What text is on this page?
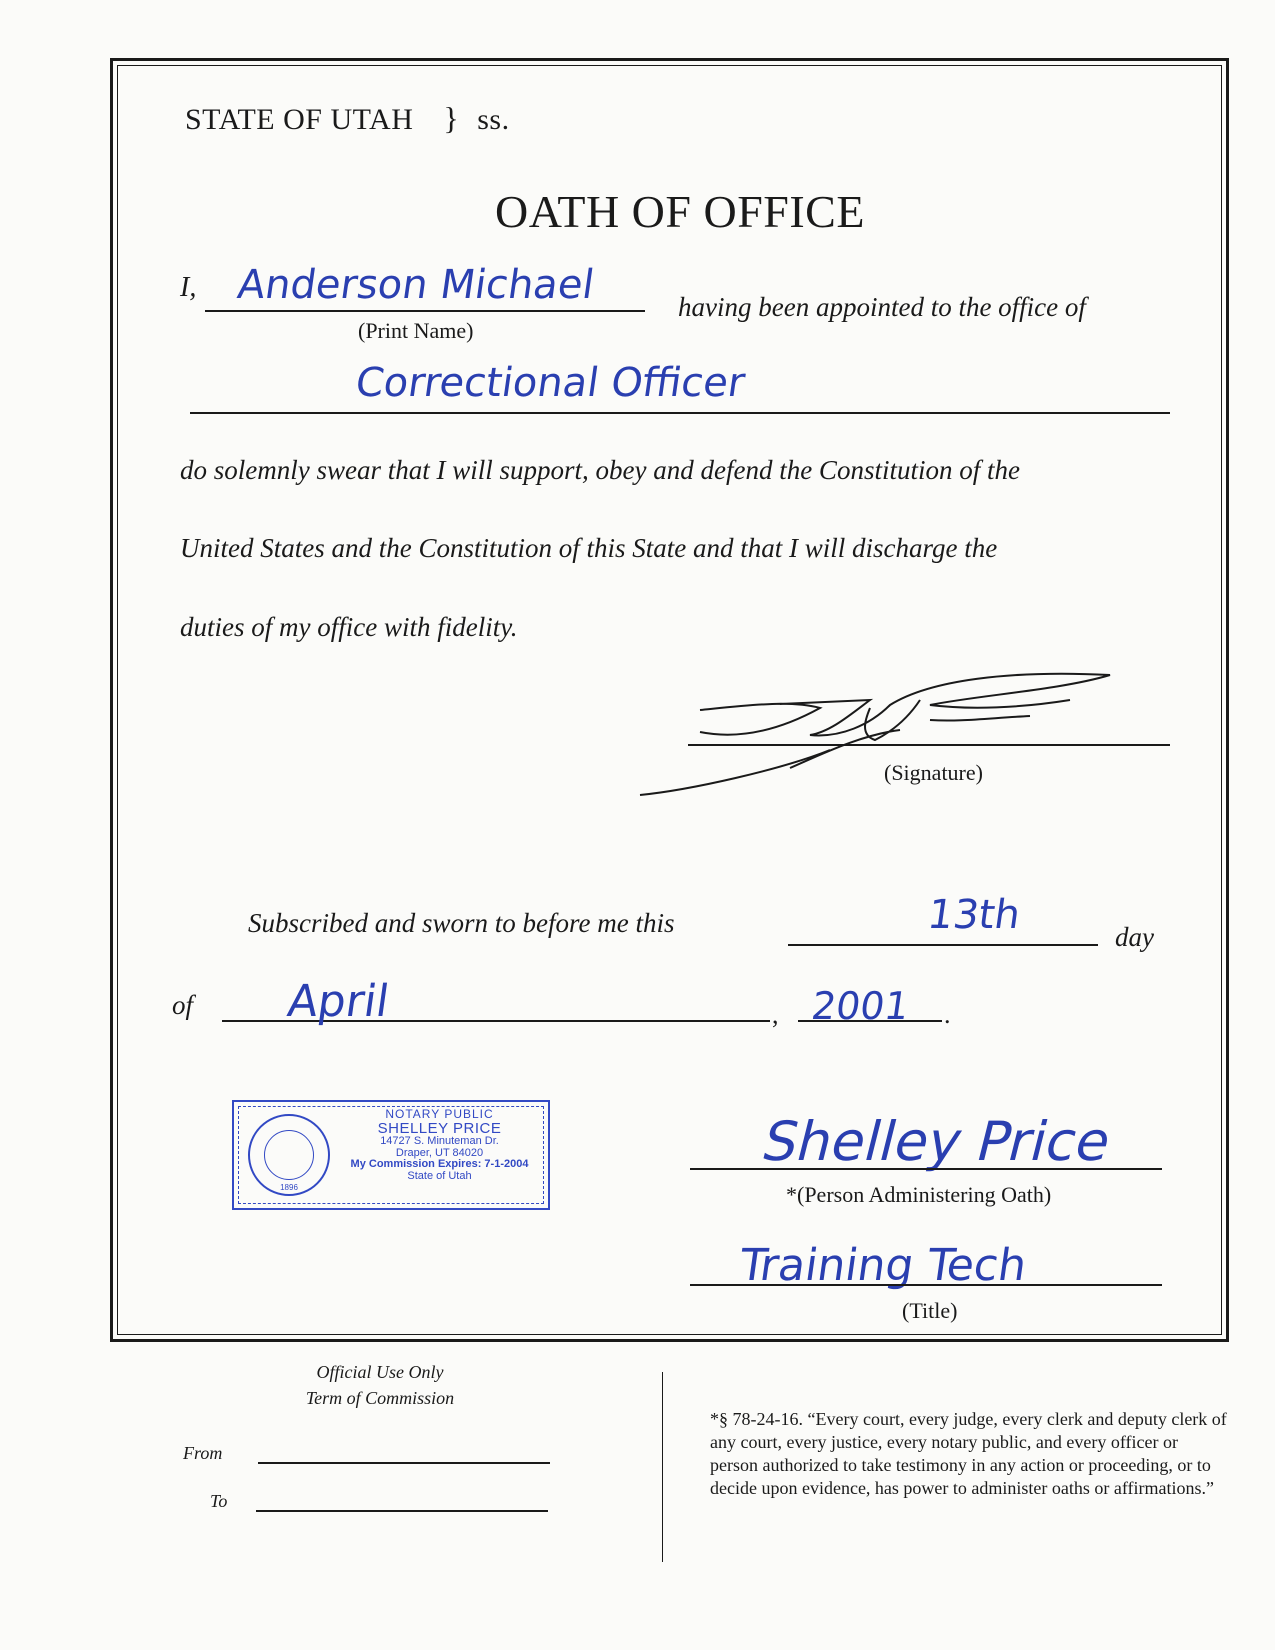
STATE OF UTAH } ss.
OATH OF OFFICE
I, Anderson Michael
(Print Name)
having been appointed to the office of
Correctional Officer
do solemnly swear that I will support, obey and defend the Constitution of the
United States and the Constitution of this State and that I will discharge the
duties of my office with fidelity.
(Signature)
Subscribed and sworn to before me this	13th	day
of April	, 2001 .
1896
NOTARY PUBLIC
SHELLEY PRICE
14727 S. Minuteman Dr.
Draper, UT 84020
My Commission Expires: 7-1-2004
State of Utah
Shelley Price
*(Person Administering Oath)
Training Tech
(Title)
Official Use Only
Term of Commission
From
To
*§ 78-24-16. “Every court, every judge, every clerk and deputy clerk of any court, every justice, every notary public, and every officer or person authorized to take testimony in any action or proceeding, or to decide upon evidence, has power to administer oaths or affirmations.”
